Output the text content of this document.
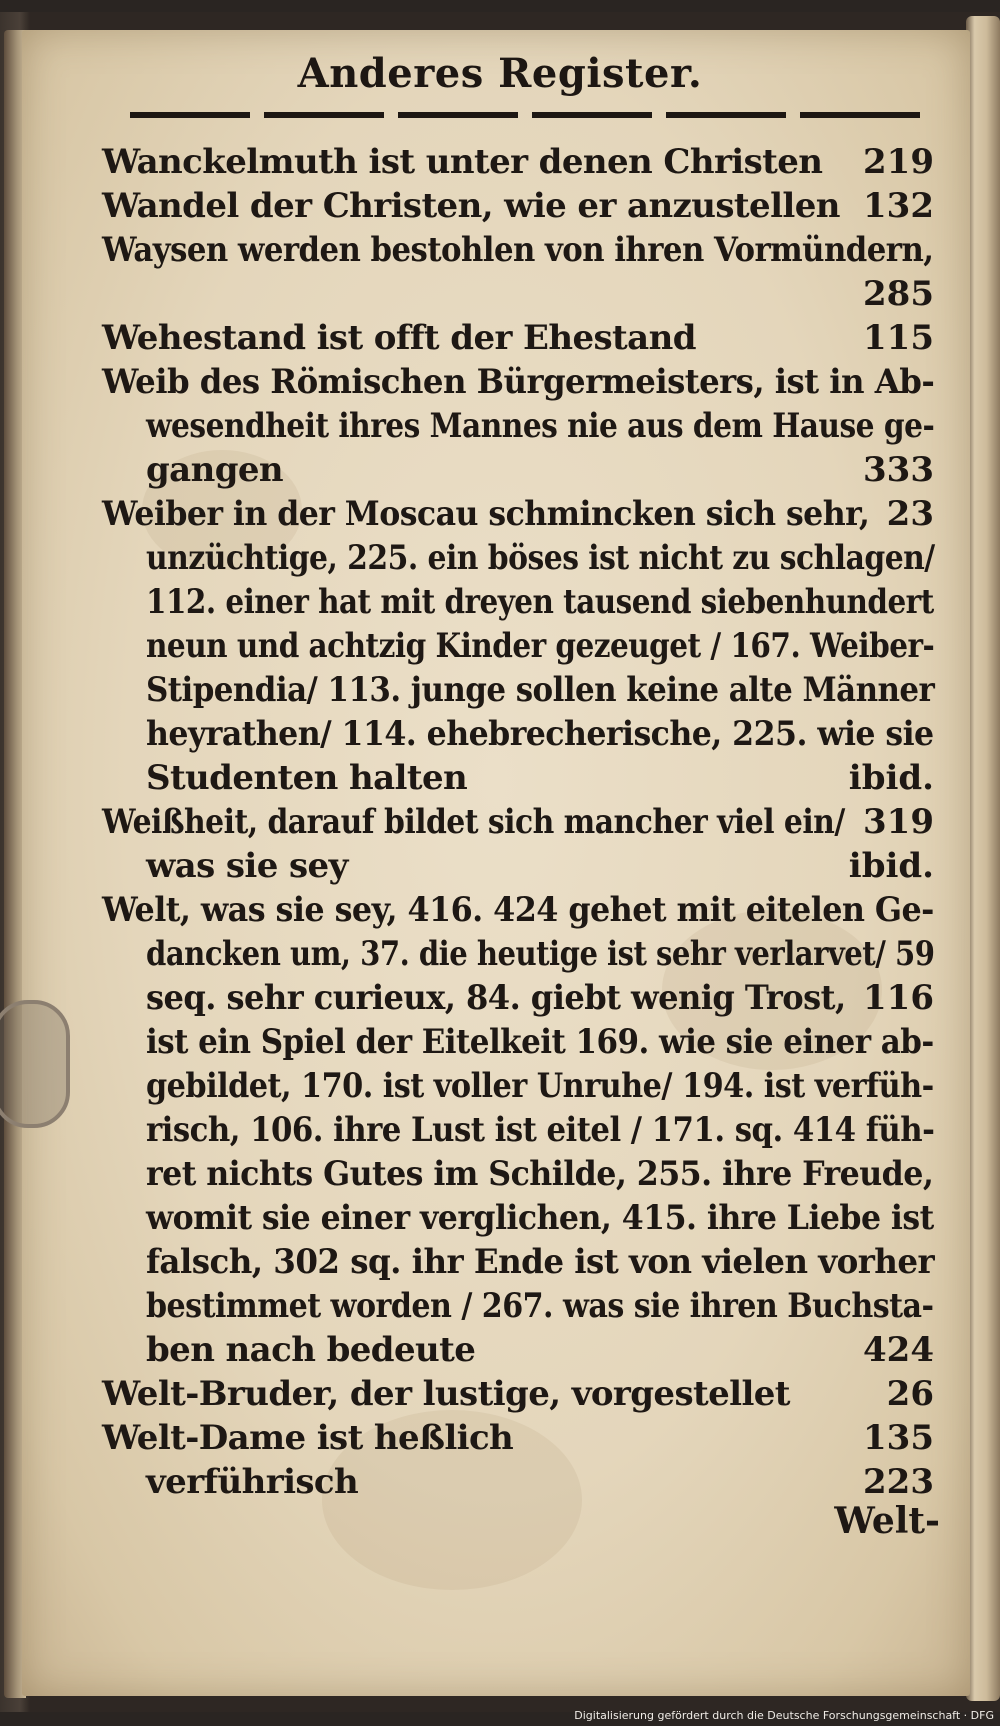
Anderes Register.
Wanckelmuth ist unter denen Christen 219
Wandel der Christen, wie er anzustellen 132
Waysen werden bestohlen von ihren Vormündern,
285
Wehestand ist offt der Ehestand	115
Weib des Römischen Bürgermeisters, ist in Ab-
wesendheit ihres Mannes nie aus dem Hause ge-
gangen	333
Weiber in der Moscau schmincken sich sehr, 23
unzüchtige, 225. ein böses ist nicht zu schlagen/
112. einer hat mit dreyen tausend siebenhundert
neun und achtzig Kinder gezeuget / 167. Weiber-
Stipendia/ 113. junge sollen keine alte Männer
heyrathen/ 114. ehebrecherische, 225. wie sie
Studenten halten	ibid.
Weißheit, darauf bildet sich mancher viel ein/ 319
was sie sey	ibid.
Welt, was sie sey, 416. 424 gehet mit eitelen Ge-
dancken um, 37. die heutige ist sehr verlarvet/ 59
seq. sehr curieux, 84. giebt wenig Trost, 116
ist ein Spiel der Eitelkeit 169. wie sie einer ab-
gebildet, 170. ist voller Unruhe/ 194. ist verfüh-
risch, 106. ihre Lust ist eitel / 171. sq. 414 füh-
ret nichts Gutes im Schilde, 255. ihre Freude,
womit sie einer verglichen, 415. ihre Liebe ist
falsch, 302 sq. ihr Ende ist von vielen vorher
bestimmet worden / 267. was sie ihren Buchsta-
ben nach bedeute	424
Welt-Bruder, der lustige, vorgestellet	26
Welt-Dame ist heßlich	135
verführisch	223
Welt-
Digitalisierung gefördert durch die Deutsche Forschungsgemeinschaft · DFG
